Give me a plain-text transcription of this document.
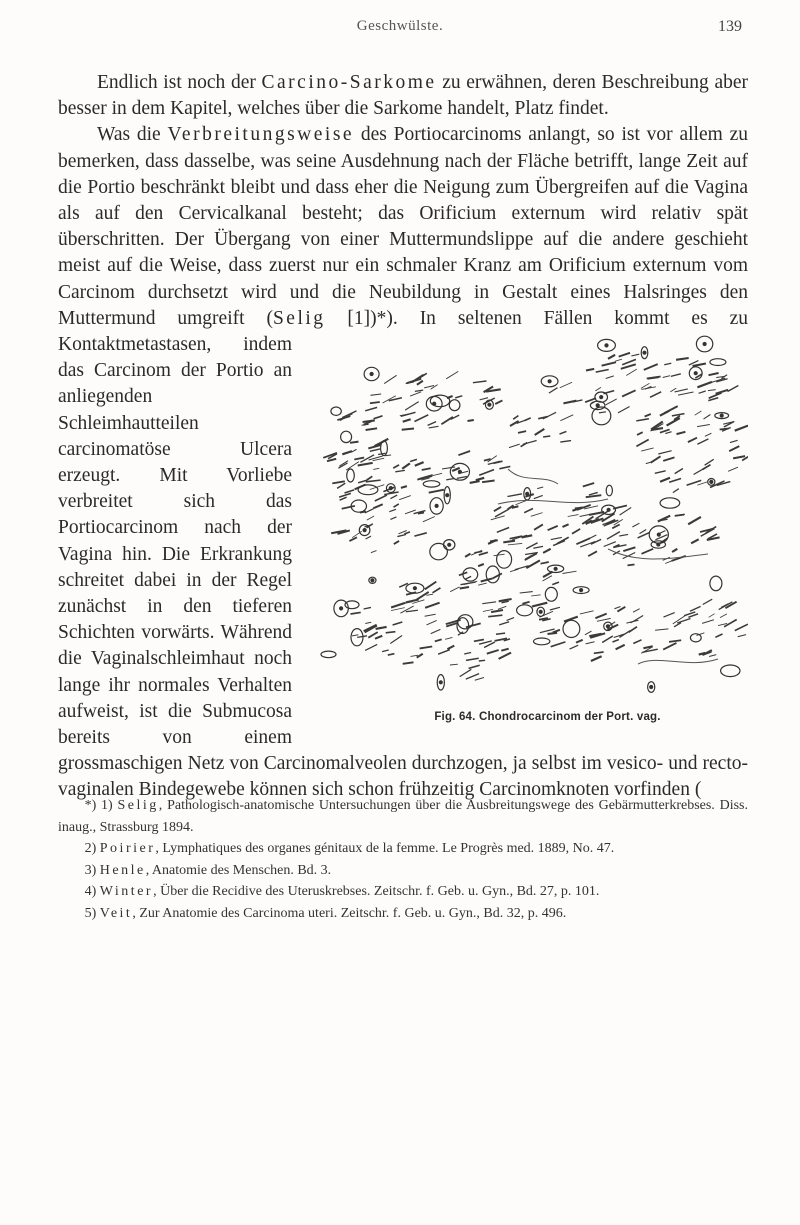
Geschwülste.	139

Endlich ist noch der Carcino-Sarkome zu erwähnen, deren Beschreibung aber besser in dem Kapitel, welches über die Sarkome handelt, Platz findet.

Was die Verbreitungsweise des Portiocarcinoms anlangt, so ist vor allem zu bemerken, dass dasselbe, was seine Ausdehnung nach der Fläche betrifft, lange Zeit auf die Portio beschränkt bleibt und dass eher die Neigung zum Übergreifen auf die Vagina als auf den Cervicalkanal besteht; das Orificium externum wird relativ spät überschritten. Der Übergang von einer Muttermundslippe auf die andere geschieht meist auf die Weise, dass zuerst nur ein schmaler Kranz am Orificium externum vom Carcinom durchsetzt wird und die Neubildung in Gestalt eines Halsringes den Muttermund umgreift (Selig [1])*).
Fig. 64. Chondrocarcinom der Port. vag.
In seltenen Fällen kommt es zu Kontaktmetastasen, indem das Carcinom der Portio an anliegenden Schleimhautteilen carcinomatöse Ulcera erzeugt. Mit Vorliebe verbreitet sich das Portiocarcinom nach der Vagina hin. Die Erkrankung schreitet dabei in der Regel zunächst in den tieferen Schichten vorwärts. Während die Vaginalschleimhaut noch lange ihr normales Verhalten aufweist, ist die Submucosa bereits von einem grossmaschigen Netz von Carcinomalveolen durchzogen, ja selbst im vesico- und recto-vaginalen Bindegewebe können sich schon frühzeitig Carcinomknoten vorfinden (

*) 1) Selig, Pathologisch-anatomische Untersuchungen über die Ausbreitungswege des Gebärmutterkrebses. Diss. inaug., Strassburg 1894.

2) Poirier, Lymphatiques des organes génitaux de la femme. Le Progrès med. 1889, No. 47.

3) Henle, Anatomie des Menschen. Bd. 3.

4) Winter, Über die Recidive des Uteruskrebses. Zeitschr. f. Geb. u. Gyn., Bd. 27, p. 101.

5) Veit, Zur Anatomie des Carcinoma uteri. Zeitschr. f. Geb. u. Gyn., Bd. 32, p. 496.
